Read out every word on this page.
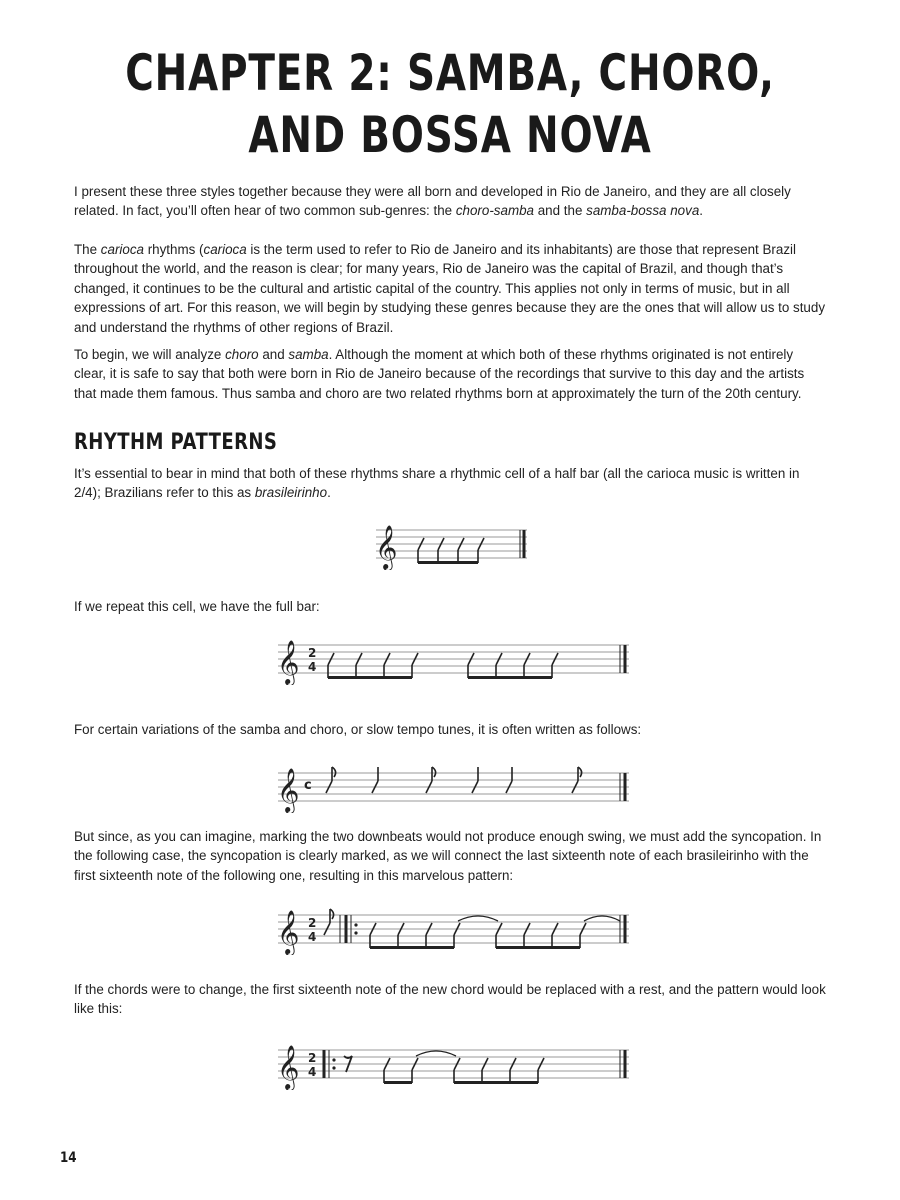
CHAPTER 2: SAMBA, CHORO,
AND BOSSA NOVA

I present these three styles together because they were all born and developed in Rio de Janeiro, and they are all closely related. In fact, you’ll often hear of two common sub-genres: the choro-samba and the samba-bossa nova.

The carioca rhythms (carioca is the term used to refer to Rio de Janeiro and its inhabitants) are those that represent Brazil throughout the world, and the reason is clear; for many years, Rio de Janeiro was the capital of Brazil, and though that’s changed, it continues to be the cultural and artistic capital of the country. This applies not only in terms of music, but in all expressions of art. For this reason, we will begin by studying these genres because they are the ones that will allow us to study and understand the rhythms of other regions of Brazil.

To begin, we will analyze choro and samba. Although the moment at which both of these rhythms originated is not entirely clear, it is safe to say that both were born in Rio de Janeiro because of the recordings that survive to this day and the artists that made them famous. Thus samba and choro are two related rhythms born at approximately the turn of the 20th century.

RHYTHM PATTERNS

It’s essential to bear in mind that both of these rhythms share a rhythmic cell of a half bar (all the carioca music is written in 2/4); Brazilians refer to this as brasileirinho.

𝄞

If we repeat this cell, we have the full bar:

𝄞 2
4

For certain variations of the samba and choro, or slow tempo tunes, it is often written as follows:

𝄞 c

But since, as you can imagine, marking the two downbeats would not produce enough swing, we must add the syncopation. In the following case, the syncopation is clearly marked, as we will connect the last sixteenth note of each brasileirinho with the first sixteenth note of the following one, resulting in this marvelous pattern:

𝄞 2
4

If the chords were to change, the first sixteenth note of the new chord would be replaced with a rest, and the pattern would look like this:

𝄞 2
4
14
